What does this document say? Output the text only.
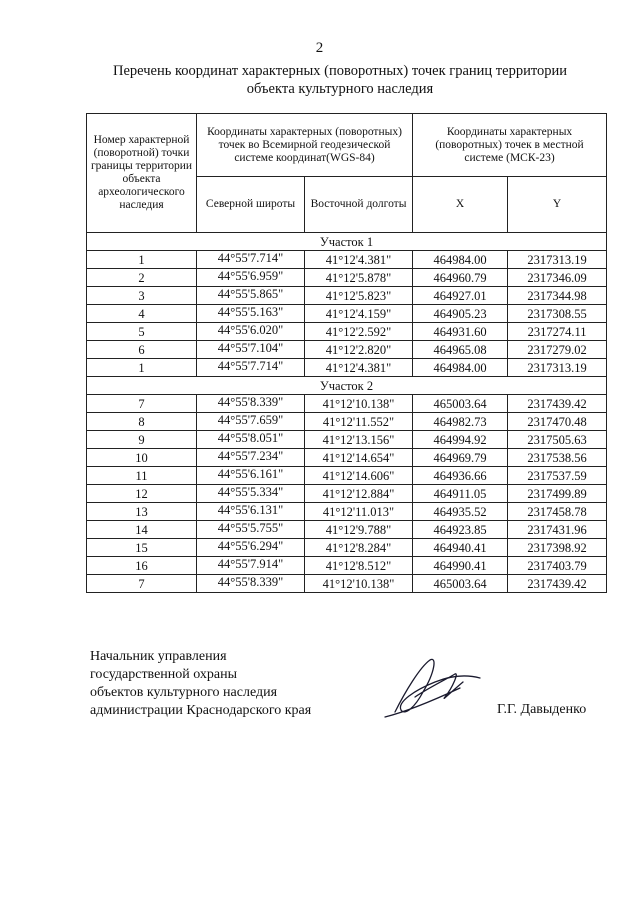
2
Перечень координат характерных (поворотных) точек границ территории
объекта культурного наследия
Номер характерной (поворотной) точки границы территории объекта археологического наследия	Координаты характерных (поворотных) точек во Всемирной геодезической системе координат(WGS-84)		Координаты характерных (поворотных) точек в местной системе (МСК-23)	
	Северной широты	Восточной долготы	X	Y
Участок 1				
1	44°55'7.714"	41°12'4.381"	464984.00	2317313.19
2	44°55'6.959"	41°12'5.878"	464960.79	2317346.09
3	44°55'5.865"	41°12'5.823"	464927.01	2317344.98
4	44°55'5.163"	41°12'4.159"	464905.23	2317308.55
5	44°55'6.020"	41°12'2.592"	464931.60	2317274.11
6	44°55'7.104"	41°12'2.820"	464965.08	2317279.02
1	44°55'7.714"	41°12'4.381"	464984.00	2317313.19
Участок 2				
7	44°55'8.339"	41°12'10.138"	465003.64	2317439.42
8	44°55'7.659"	41°12'11.552"	464982.73	2317470.48
9	44°55'8.051"	41°12'13.156"	464994.92	2317505.63
10	44°55'7.234"	41°12'14.654"	464969.79	2317538.56
11	44°55'6.161"	41°12'14.606"	464936.66	2317537.59
12	44°55'5.334"	41°12'12.884"	464911.05	2317499.89
13	44°55'6.131"	41°12'11.013"	464935.52	2317458.78
14	44°55'5.755"	41°12'9.788"	464923.85	2317431.96
15	44°55'6.294"	41°12'8.284"	464940.41	2317398.92
16	44°55'7.914"	41°12'8.512"	464990.41	2317403.79
7	44°55'8.339"	41°12'10.138"	465003.64	2317439.42
Начальник управления
государственной охраны
объектов культурного наследия
администрации Краснодарского края	Г.Г. Давыденко
